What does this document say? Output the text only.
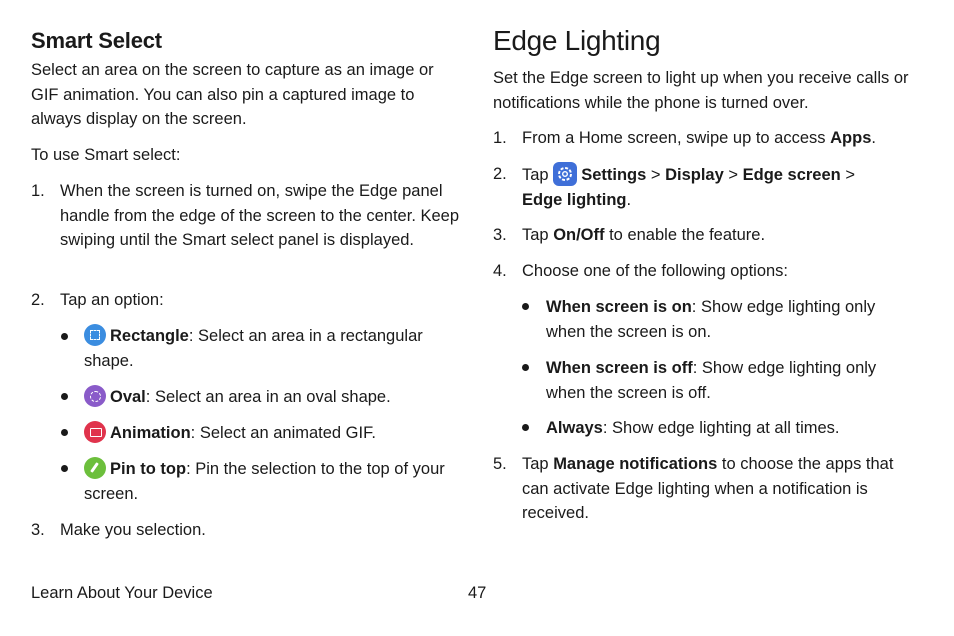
Smart Select
Select an area on the screen to capture as an image or GIF animation. You can also pin a captured image to always display on the screen.
To use Smart select:
1. When the screen is turned on, swipe the Edge panel handle from the edge of the screen to the center. Keep swiping until the Smart select panel is displayed.
2. Tap an option:
Rectangle: Select an area in a rectangular shape.
Oval: Select an area in an oval shape.
Animation: Select an animated GIF.
Pin to top: Pin the selection to the top of your screen.
3. Make you selection.
Edge Lighting
Set the Edge screen to light up when you receive calls or notifications while the phone is turned over.
1. From a Home screen, swipe up to access Apps.
2. Tap
Settings > Display > Edge screen >
Edge lighting.
3. Tap On/Off to enable the feature.
4. Choose one of the following options:
When screen is on: Show edge lighting only when the screen is on.
When screen is off: Show edge lighting only when the screen is off.
Always: Show edge lighting at all times.
5. Tap Manage notifications to choose the apps that can activate Edge lighting when a notification is received.
Learn About Your Device	47
